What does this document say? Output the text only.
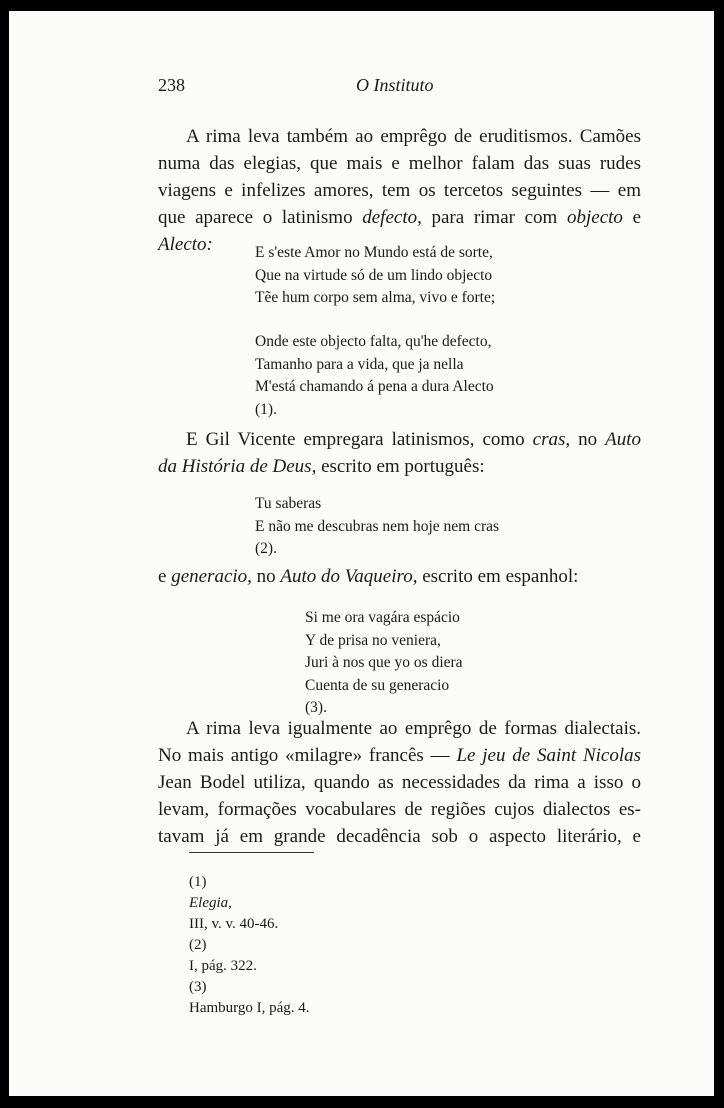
238	O Instituto
A rima leva também ao emprêgo de eruditismos. Camões
numa das elegias, que mais e melhor falam das suas rudes
viagens e infelizes amores, tem os tercetos seguintes — em
que aparece o latinismo defecto, para rimar com objecto e
Alecto:	E s'este Amor no Mundo está de sorte,
Que na virtude só de um lindo objecto
Tẽe hum corpo sem alma, vivo e forte;
Onde este objecto falta, qu'he defecto,
Tamanho para a vida, que ja nella
M'está chamando á pena a dura Alecto
(1).
E Gil Vicente empregara latinismos, como cras, no Auto
da História de Deus, escrito em português:
Tu saberas
E não me descubras nem hoje nem cras
(2).
e generacio, no Auto do Vaqueiro, escrito em espanhol:
Si me ora vagára espácio
Y de prisa no veniera,
Juri à nos que yo os diera
Cuenta de su generacio
(3).
A rima leva igualmente ao emprêgo de formas dialectais.
No mais antigo «milagre» francês — Le jeu de Saint Nicolas
Jean Bodel utiliza, quando as necessidades da rima a isso o
levam, formações vocabulares de regiões cujos dialectos es-
tavam já em grande decadência sob o aspecto literário, e
(1)
Elegia,
III, v. v. 40-46.
(2)
I, pág. 322.
(3)
Hamburgo I, pág. 4.
